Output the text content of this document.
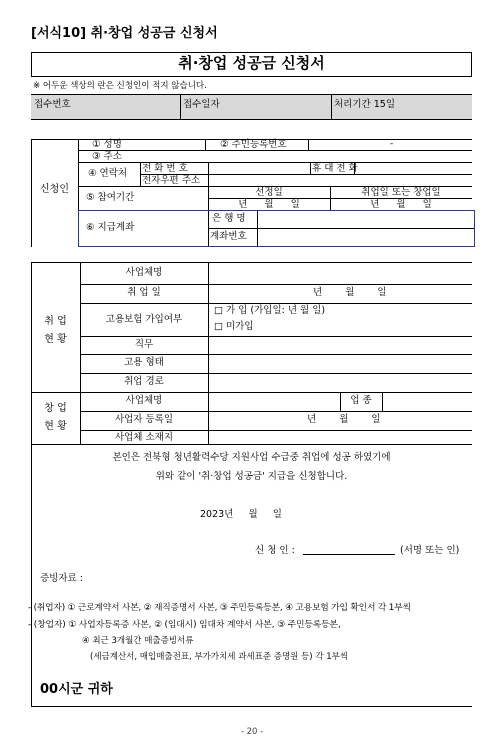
[서식10] 취·창업 성공금 신청서
취·창업 성공금 신청서
※ 어두운 색상의 란은 신청인이 적지 않습니다.
접수번호	접수일자	처리기간 15일
신청인
① 성명	② 주민등록번호	-
③ 주소
④ 연락처 전 화 번 호	휴 대 전 화
전자우편 주소
⑤ 참여기간	선정일	취업일 또는 창업일
년 월 일	년 월 일
⑥ 지급계좌
은 행 명
계좌번호
취 업
현 황
사업체명
취 업 일	년 월 일
고용보험 가입여부
□ 가 입 (가입일: 년 월 일)
□ 미가입
직무
고용 형태
취업 경로
창 업
현 황
사업체명	업 종
사업자 등록일	년 월 일
사업체 소재지
본인은 전북형 청년활력수당 지원사업 수급중 취업에 성공 하였기에
위와 같이 '취·창업 성공금' 지급을 신청합니다.
2023년     월     일
신 청 인 :	(서명 또는 인)
증빙자료 :
- (취업자) ① 근로계약서 사본, ② 재직증명서 사본, ③ 주민등록등본, ④ 고용보험 가입 확인서 각 1부씩
- (창업자) ① 사업자등록증 사본, ② (임대시) 임대차 계약서 사본, ③ 주민등록등본,
④ 최근 3개월간 매출증빙서류
(세금계산서, 매입매출전표, 부가가치세 과세표준 증명원 등) 각 1부씩
00시군 귀하
- 20 -
